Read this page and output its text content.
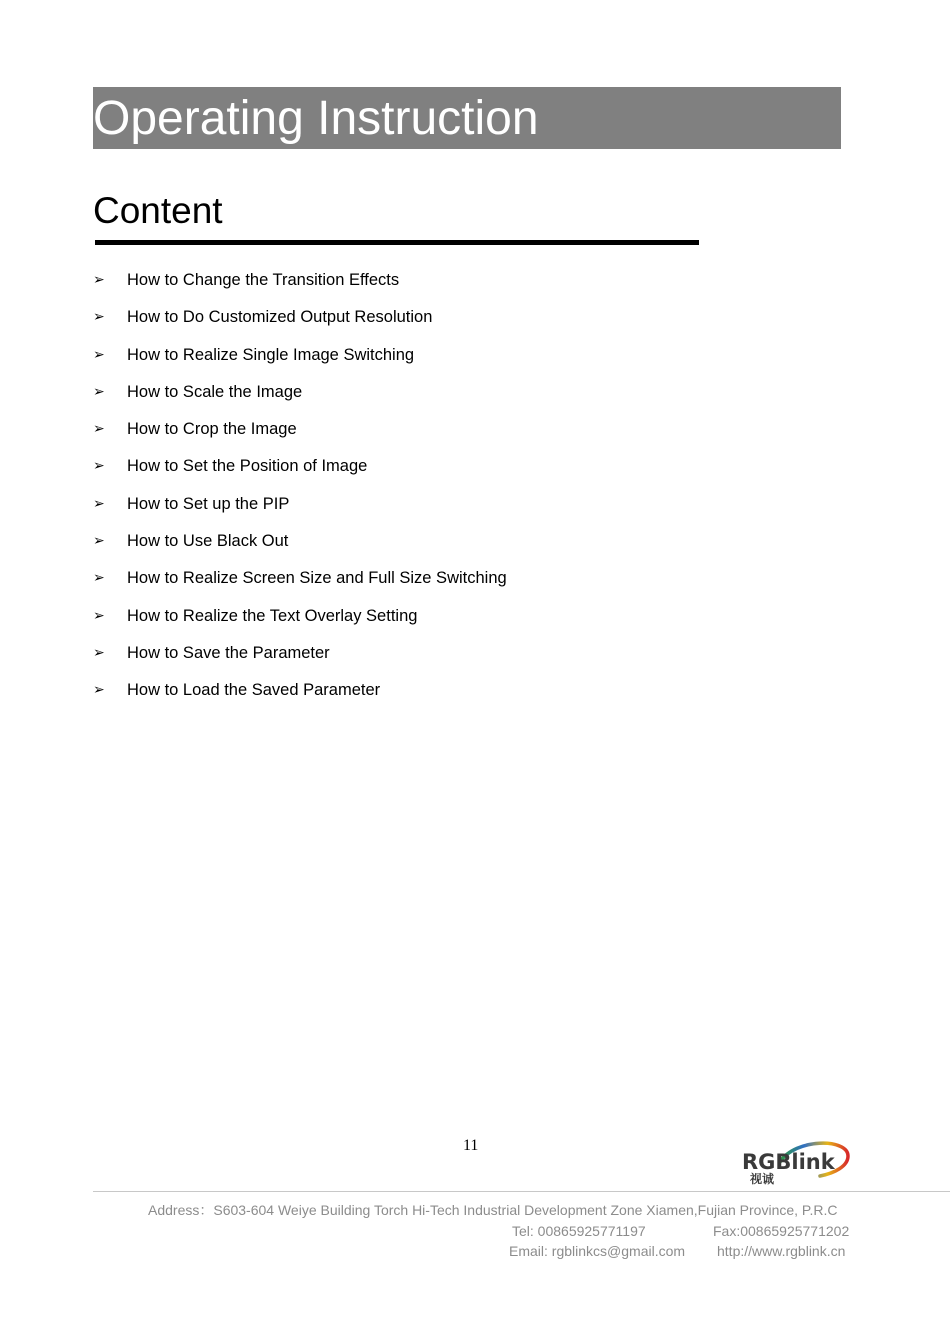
Operating Instruction
Content
➢	How to Change the Transition Effects
➢	How to Do Customized Output Resolution
➢	How to Realize Single Image Switching
➢	How to Scale the Image
➢	How to Crop the Image
➢	How to Set the Position of Image
➢	How to Set up the PIP
➢	How to Use Black Out
➢	How to Realize Screen Size and Full Size Switching
➢	How to Realize the Text Overlay Setting
➢	How to Save the Parameter
➢	How to Load the Saved Parameter
11
RGBlink
视诚
Address：S603-604 Weiye Building Torch Hi-Tech Industrial Development Zone Xiamen,Fujian Province, P.R.C
Tel: 00865925771197	Fax:00865925771202
Email: rgblinkcs@gmail.com http://www.rgblink.cn
